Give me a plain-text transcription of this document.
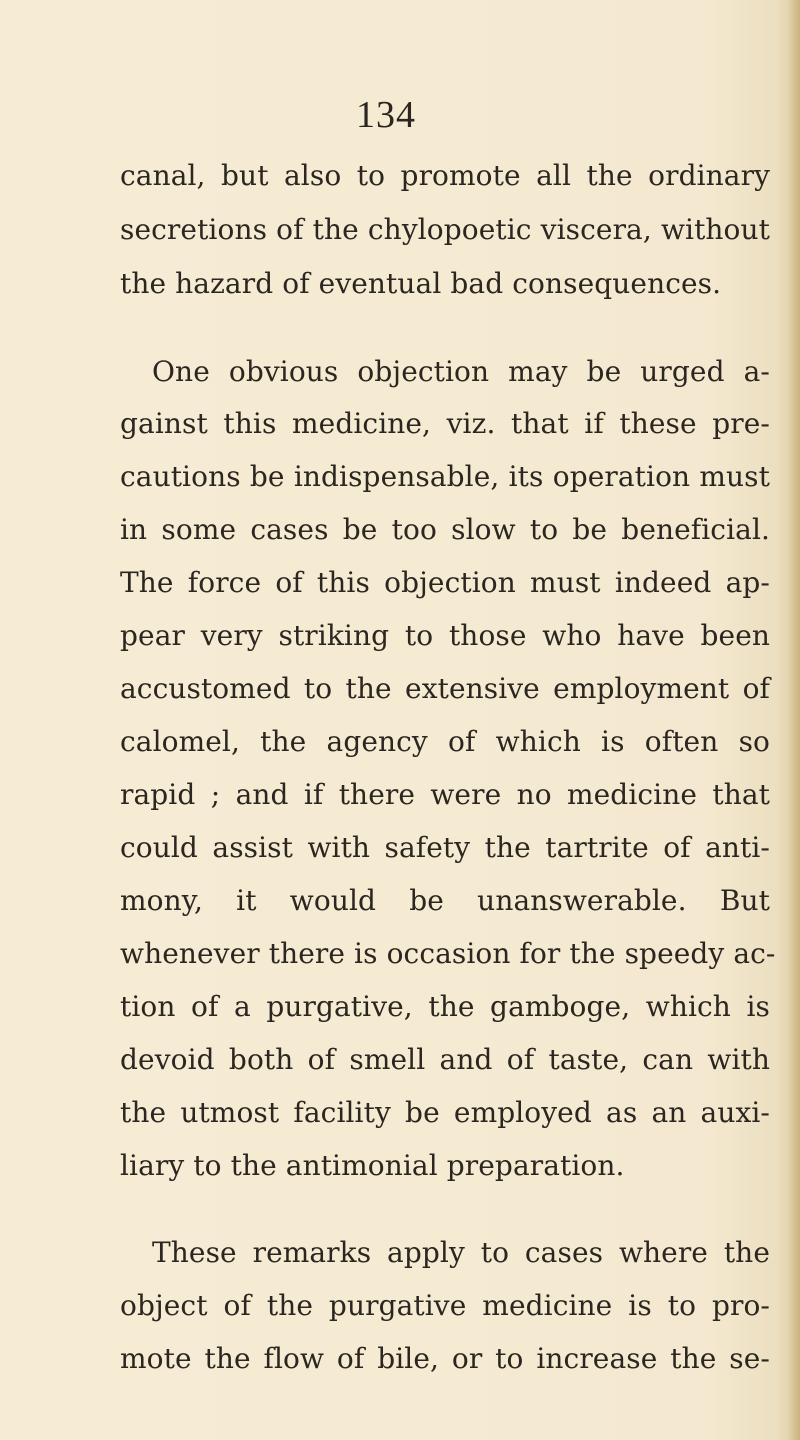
134
canal, but also to promote all the ordinary
secretions of the chylopoetic viscera, without
the hazard of eventual bad consequences.
One obvious objection may be urged a-
gainst this medicine, viz. that if these pre-
cautions be indispensable, its operation must
in some cases be too slow to be beneficial.
The force of this objection must indeed ap-
pear very striking to those who have been
accustomed to the extensive employment of
calomel, the agency of which is often so
rapid ; and if there were no medicine that
could assist with safety the tartrite of anti-
mony, it would be unanswerable. But
whenever there is occasion for the speedy ac-
tion of a purgative, the gamboge, which is
devoid both of smell and of taste, can with
the utmost facility be employed as an auxi-
liary to the antimonial preparation.
These remarks apply to cases where the
object of the purgative medicine is to pro-
mote the flow of bile, or to increase the se-
